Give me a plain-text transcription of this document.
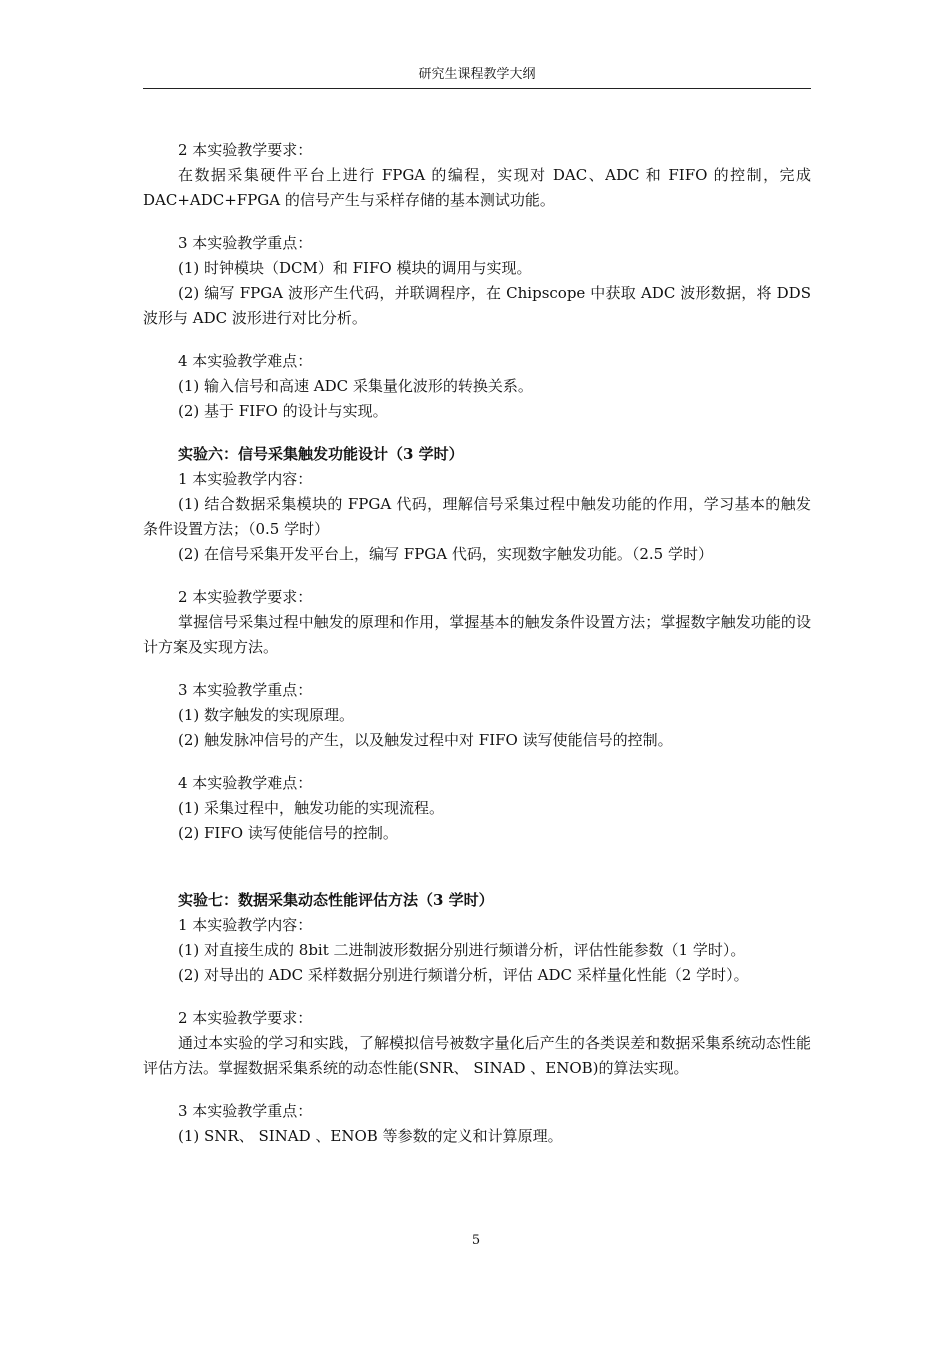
研究生课程教学大纲

2 本实验教学要求：

在数据采集硬件平台上进行 FPGA 的编程，实现对 DAC、ADC 和 FIFO 的控制，完成 DAC+ADC+FPGA 的信号产生与采样存储的基本测试功能。

3 本实验教学重点：

(1) 时钟模块（DCM）和 FIFO 模块的调用与实现。

(2) 编写 FPGA 波形产生代码，并联调程序，在 Chipscope 中获取 ADC 波形数据，将 DDS 波形与 ADC 波形进行对比分析。

4 本实验教学难点：

(1) 输入信号和高速 ADC 采集量化波形的转换关系。

(2) 基于 FIFO 的设计与实现。

实验六：信号采集触发功能设计（3 学时）

1 本实验教学内容：

(1) 结合数据采集模块的 FPGA 代码，理解信号采集过程中触发功能的作用，学习基本的触发条件设置方法；（0.5 学时）

(2) 在信号采集开发平台上，编写 FPGA 代码，实现数字触发功能。（2.5 学时）

2 本实验教学要求：

掌握信号采集过程中触发的原理和作用，掌握基本的触发条件设置方法；掌握数字触发功能的设计方案及实现方法。

3 本实验教学重点：

(1) 数字触发的实现原理。

(2) 触发脉冲信号的产生，以及触发过程中对 FIFO 读写使能信号的控制。

4 本实验教学难点：

(1) 采集过程中，触发功能的实现流程。

(2) FIFO 读写使能信号的控制。

实验七：数据采集动态性能评估方法（3 学时）

1 本实验教学内容：

(1) 对直接生成的 8bit 二进制波形数据分别进行频谱分析，评估性能参数（1 学时）。

(2) 对导出的 ADC 采样数据分别进行频谱分析，评估 ADC 采样量化性能（2 学时）。

2 本实验教学要求：

通过本实验的学习和实践，了解模拟信号被数字量化后产生的各类误差和数据采集系统动态性能评估方法。掌握数据采集系统的动态性能(SNR、 SINAD 、ENOB)的算法实现。

3 本实验教学重点：

(1) SNR、 SINAD 、ENOB 等参数的定义和计算原理。

5
